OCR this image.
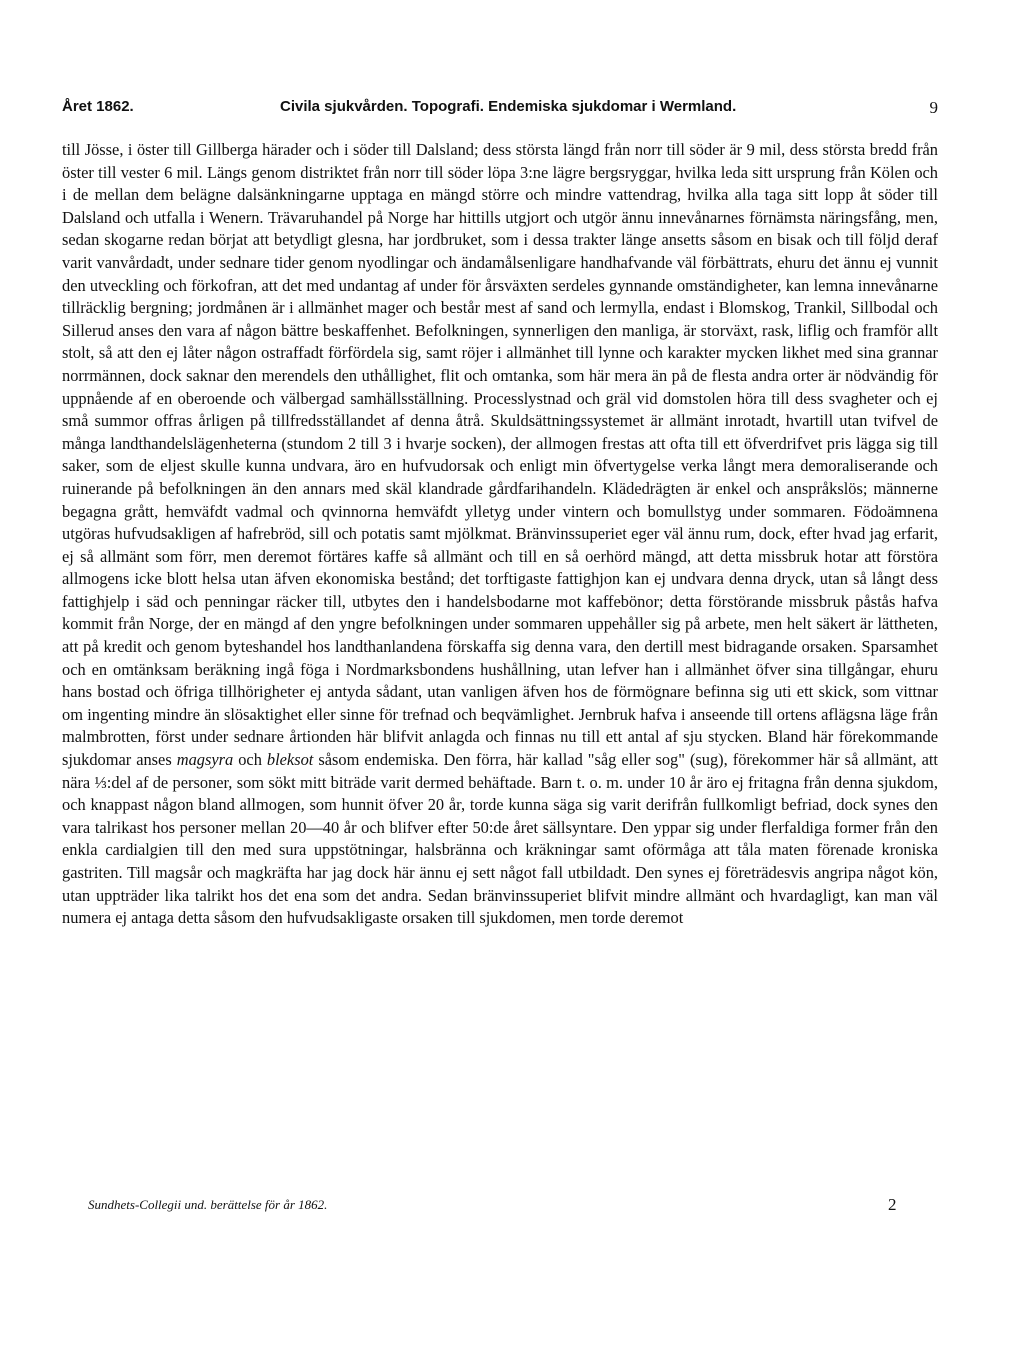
Året 1862.	Civila sjukvården. Topografi. Endemiska sjukdomar i Wermland.	9

till Jösse, i öster till Gillberga härader och i söder till Dalsland; dess största längd från norr till söder är 9 mil, dess största bredd från öster till vester 6 mil. Längs genom distriktet från norr till söder löpa 3:ne lägre bergsryggar, hvilka leda sitt ursprung från Kölen och i de mellan dem belägne dalsänkningarne upptaga en mängd större och mindre vattendrag, hvilka alla taga sitt lopp åt söder till Dalsland och utfalla i Wenern. Trävaruhandel på Norge har hittills utgjort och utgör ännu innevånarnes förnämsta näringsfång, men, sedan skogarne redan börjat att betydligt glesna, har jordbruket, som i dessa trakter länge ansetts såsom en bisak och till följd deraf varit vanvårdadt, under sednare tider genom nyodlingar och ändamålsenligare handhafvande väl förbättrats, ehuru det ännu ej vunnit den utveckling och förkofran, att det med undantag af under för årsväxten serdeles gynnande omständigheter, kan lemna innevånarne tillräcklig bergning; jordmånen är i allmänhet mager och består mest af sand och lermylla, endast i Blomskog, Trankil, Sillbodal och Sillerud anses den vara af någon bättre beskaffenhet. Befolkningen, synnerligen den manliga, är storväxt, rask, liflig och framför allt stolt, så att den ej låter någon ostraffadt förfördela sig, samt röjer i allmänhet till lynne och karakter mycken likhet med sina grannar norrmännen, dock saknar den merendels den uthållighet, flit och omtanka, som här mera än på de flesta andra orter är nödvändig för uppnående af en oberoende och välbergad samhällsställning. Processlystnad och gräl vid domstolen höra till dess svagheter och ej små summor offras årligen på tillfredsställandet af denna åtrå. Skuldsättningssystemet är allmänt inrotadt, hvartill utan tvifvel de många landthandelslägenheterna (stundom 2 till 3 i hvarje socken), der allmogen frestas att ofta till ett öfverdrifvet pris lägga sig till saker, som de eljest skulle kunna undvara, äro en hufvudorsak och enligt min öfvertygelse verka långt mera demoraliserande och ruinerande på befolkningen än den annars med skäl klandrade gårdfarihandeln. Klädedrägten är enkel och anspråkslös; männerne begagna grått, hemväfdt vadmal och qvinnorna hemväfdt ylletyg under vintern och bomullstyg under sommaren. Födoämnena utgöras hufvudsakligen af hafrebröd, sill och potatis samt mjölkmat. Bränvinssuperiet eger väl ännu rum, dock, efter hvad jag erfarit, ej så allmänt som förr, men deremot förtäres kaffe så allmänt och till en så oerhörd mängd, att detta missbruk hotar att förstöra allmogens icke blott helsa utan äfven ekonomiska bestånd; det torftigaste fattighjon kan ej undvara denna dryck, utan så långt dess fattighjelp i säd och penningar räcker till, utbytes den i handelsbodarne mot kaffebönor; detta förstörande missbruk påstås hafva kommit från Norge, der en mängd af den yngre befolkningen under sommaren uppehåller sig på arbete, men helt säkert är lättheten, att på kredit och genom byteshandel hos landthanlandena förskaffa sig denna vara, den dertill mest bidragande orsaken. Sparsamhet och en omtänksam beräkning ingå föga i Nordmarksbondens hushållning, utan lefver han i allmänhet öfver sina tillgångar, ehuru hans bostad och öfriga tillhörigheter ej antyda sådant, utan vanligen äfven hos de förmögnare befinna sig uti ett skick, som vittnar om ingenting mindre än slösaktighet eller sinne för trefnad och beqvämlighet. Jernbruk hafva i anseende till ortens aflägsna läge från malmbrotten, först under sednare årtionden här blifvit anlagda och finnas nu till ett antal af sju stycken. Bland här förekommande sjukdomar anses magsyra och bleksot såsom endemiska. Den förra, här kallad "såg eller sog" (sug), förekommer här så allmänt, att nära ⅓:del af de personer, som sökt mitt biträde varit dermed behäftade. Barn t. o. m. under 10 år äro ej fritagna från denna sjukdom, och knappast någon bland allmogen, som hunnit öfver 20 år, torde kunna säga sig varit derifrån fullkomligt befriad, dock synes den vara talrikast hos personer mellan 20—40 år och blifver efter 50:de året sällsyntare. Den yppar sig under flerfaldiga former från den enkla cardialgien till den med sura uppstötningar, halsbränna och kräkningar samt oförmåga att tåla maten förenade kroniska gastriten. Till magsår och magkräfta har jag dock här ännu ej sett något fall utbildadt. Den synes ej företrädesvis angripa något kön, utan uppträder lika talrikt hos det ena som det andra. Sedan bränvinssuperiet blifvit mindre allmänt och hvardagligt, kan man väl numera ej antaga detta såsom den hufvudsakligaste orsaken till sjukdomen, men torde deremot

Sundhets-Collegii und. berättelse för år 1862.	2
